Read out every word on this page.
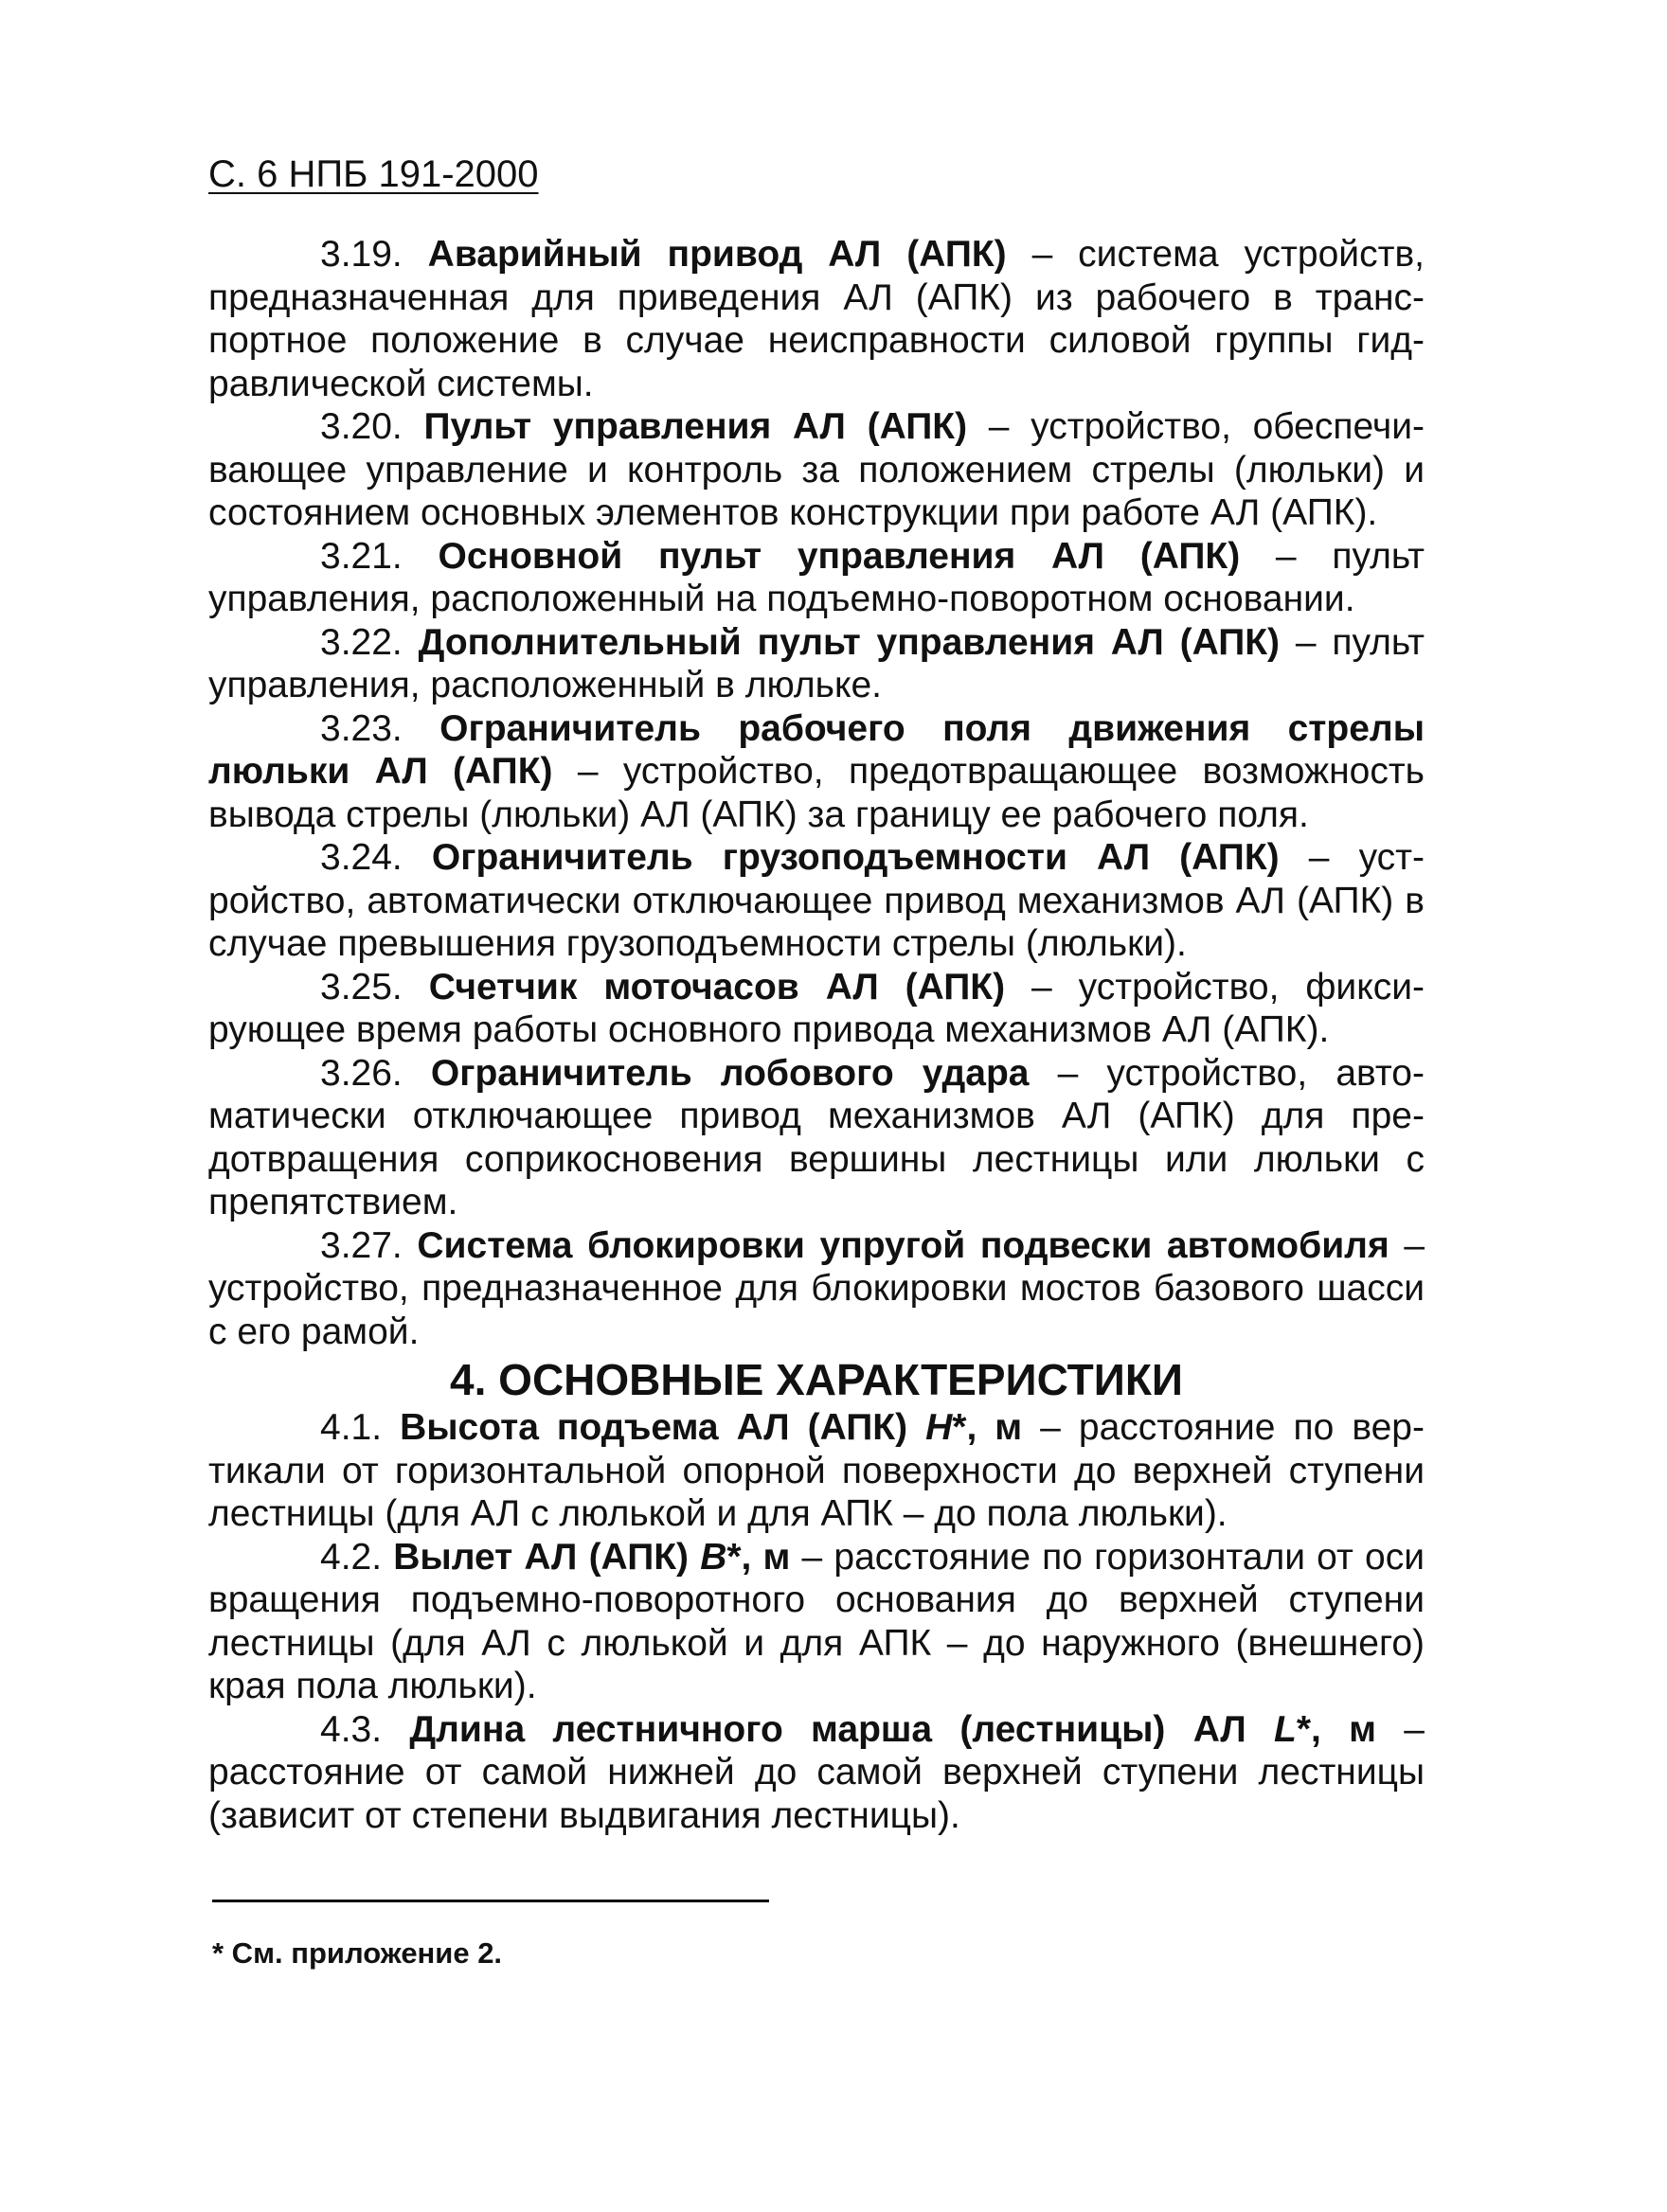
С. 6 НПБ 191-2000

3.19. Аварийный привод АЛ (АПК) – система устройств, предназначенная для приведения АЛ (АПК) из рабочего в транспортное положение в случае неисправности силовой группы гидравлической системы.

3.20. Пульт управления АЛ (АПК) – устройство, обеспечивающее управление и контроль за положением стрелы (люльки) и состоянием основных элементов конструкции при работе АЛ (АПК).

3.21. Основной пульт управления АЛ (АПК) – пульт управления, расположенный на подъемно-поворотном основании.

3.22. Дополнительный пульт управления АЛ (АПК) – пульт управления, расположенный в люльке.

3.23. Ограничитель рабочего поля движения стрелы люльки АЛ (АПК) – устройство, предотвращающее возможность вывода стрелы (люльки) АЛ (АПК) за границу ее рабочего поля.

3.24. Ограничитель грузоподъемности АЛ (АПК) – устройство, автоматически отключающее привод механизмов АЛ (АПК) в случае превышения грузоподъемности стрелы (люльки).

3.25. Счетчик моточасов АЛ (АПК) – устройство, фиксирующее время работы основного привода механизмов АЛ (АПК).

3.26. Ограничитель лобового удара – устройство, автоматически отключающее привод механизмов АЛ (АПК) для предотвращения соприкосновения вершины лестницы или люльки с препятствием.

3.27. Система блокировки упругой подвески автомобиля – устройство, предназначенное для блокировки мостов базового шасси с его рамой.

4. ОСНОВНЫЕ ХАРАКТЕРИСТИКИ

4.1. Высота подъема АЛ (АПК) H*, м – расстояние по вертикали от горизонтальной опорной поверхности до верхней ступени лестницы (для АЛ с люлькой и для АПК – до пола люльки).

4.2. Вылет АЛ (АПК) B*, м – расстояние по горизонтали от оси вращения подъемно-поворотного основания до верхней ступени лестницы (для АЛ с люлькой и для АПК – до наружного (внешнего) края пола люльки).

4.3. Длина лестничного марша (лестницы) АЛ L*, м – расстояние от самой нижней до самой верхней ступени лестницы (зависит от степени выдвигания лестницы).

* См. приложение 2.
